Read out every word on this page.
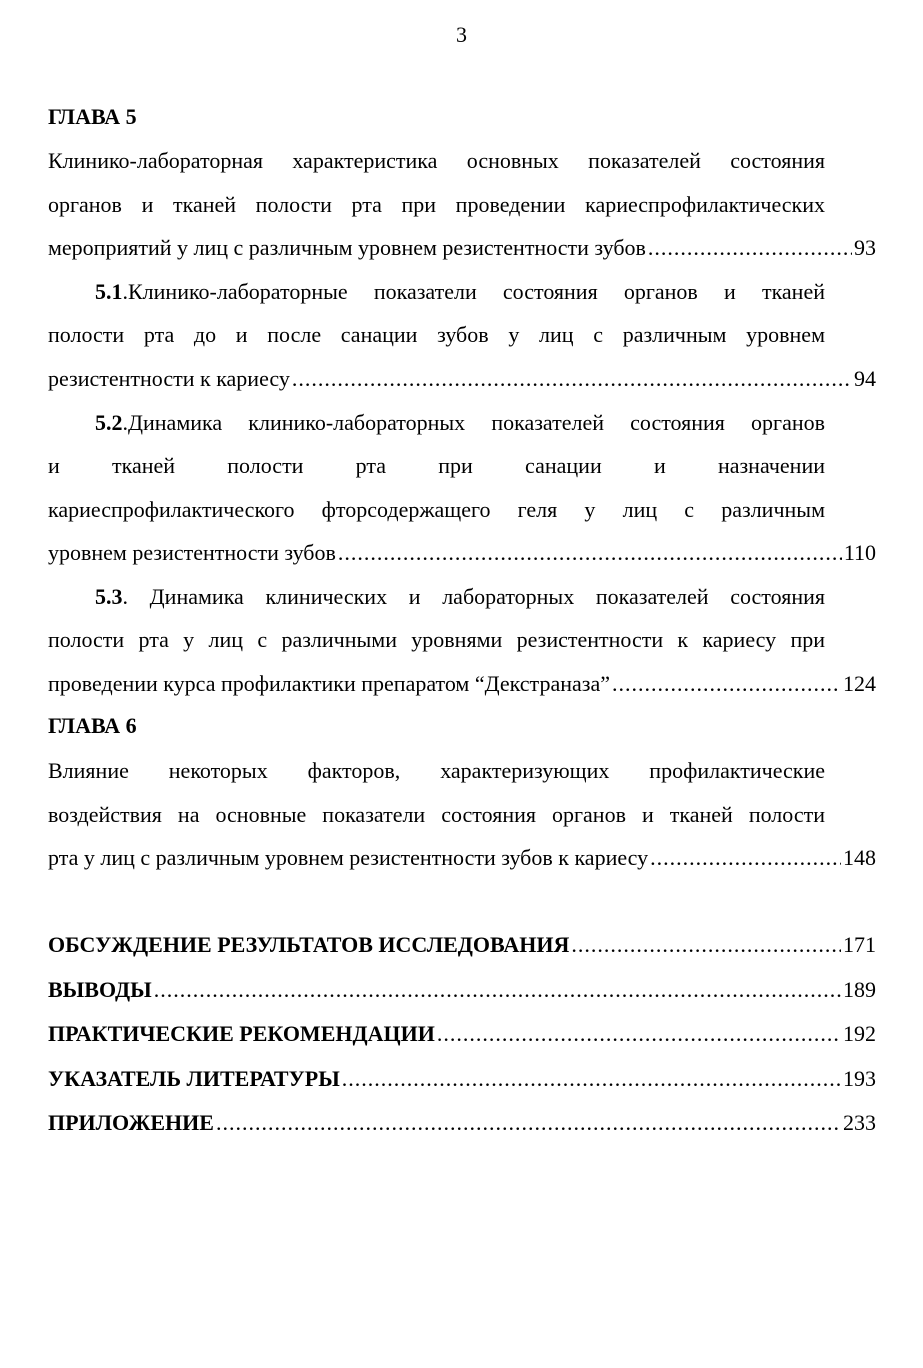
3
ГЛАВА 5
Клинико-лабораторная характеристика основных показателей состояния
органов и тканей полости рта при проведении кариеспрофилактических
мероприятий у лиц с различным уровнем резистентности зубов .....	93
5.1.Клинико-лабораторные показатели состояния органов и тканей
полости рта до и после санации зубов у лиц с различным уровнем
резистентности к кариесу .....	94
5.2.Динамика клинико-лабораторных показателей состояния органов
и тканей полости рта при санации и назначении
кариеспрофилактического фторсодержащего геля у лиц с различным
уровнем резистентности зубов .....	110
5.3. Динамика клинических и лабораторных показателей состояния
полости рта у лиц с различными уровнями резистентности к кариесу при
проведении курса профилактики препаратом “Декстраназа” .....	124
ГЛАВА 6
Влияние некоторых факторов, характеризующих профилактические
воздействия на основные показатели состояния органов и тканей полости
рта у лиц с различным уровнем резистентности зубов к кариесу .....	148
ОБСУЖДЕНИЕ РЕЗУЛЬТАТОВ ИССЛЕДОВАНИЯ .....	171
ВЫВОДЫ .....	189
ПРАКТИЧЕСКИЕ РЕКОМЕНДАЦИИ .....	192
УКАЗАТЕЛЬ ЛИТЕРАТУРЫ .....	193
ПРИЛОЖЕНИЕ .....	233
